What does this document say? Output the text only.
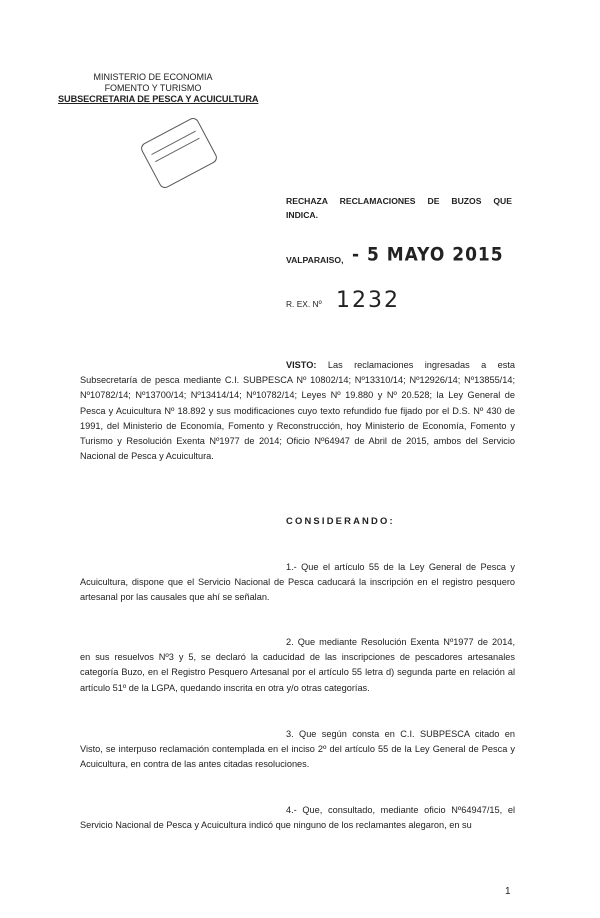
MINISTERIO DE ECONOMIA
FOMENTO Y TURISMO
SUBSECRETARIA DE PESCA Y ACUICULTURA

RECHAZA RECLAMACIONES DE BUZOS QUE
INDICA.
VALPARAISO, - 5 MAYO 2015
R. EX. Nº 1232
VISTO: Las reclamaciones ingresadas a esta Subsecretaría de pesca mediante C.I. SUBPESCA Nº 10802/14; Nº13310/14; Nº12926/14; Nº13855/14; Nº10782/14; Nº13700/14; Nº13414/14; Nº10782/14; Leyes Nº 19.880 y Nº 20.528; la Ley General de Pesca y Acuicultura Nº 18.892 y sus modificaciones cuyo texto refundido fue fijado por el D.S. Nº 430 de 1991, del Ministerio de Economía, Fomento y Reconstrucción, hoy Ministerio de Economía, Fomento y Turismo y Resolución Exenta Nº1977 de 2014; Oficio Nº64947 de Abril de 2015, ambos del Servicio Nacional de Pesca y Acuicultura.
CONSIDERANDO:
1.- Que el artículo 55 de la Ley General de Pesca y Acuicultura, dispone que el Servicio Nacional de Pesca caducará la inscripción en el registro pesquero artesanal por las causales que ahí se señalan.
2. Que mediante Resolución Exenta Nº1977 de 2014, en sus resuelvos Nº3 y 5, se declaró la caducidad de las inscripciones de pescadores artesanales categoría Buzo, en el Registro Pesquero Artesanal por el artículo 55 letra d) segunda parte en relación al artículo 51º de la LGPA, quedando inscrita en otra y/o otras categorías.
3. Que según consta en C.I. SUBPESCA citado en Visto, se interpuso reclamación contemplada en el inciso 2º del artículo 55 de la Ley General de Pesca y Acuicultura, en contra de las antes citadas resoluciones.
4.- Que, consultado, mediante oficio Nº64947/15, el Servicio Nacional de Pesca y Acuicultura indicó que ninguno de los reclamantes alegaron, en su
1
